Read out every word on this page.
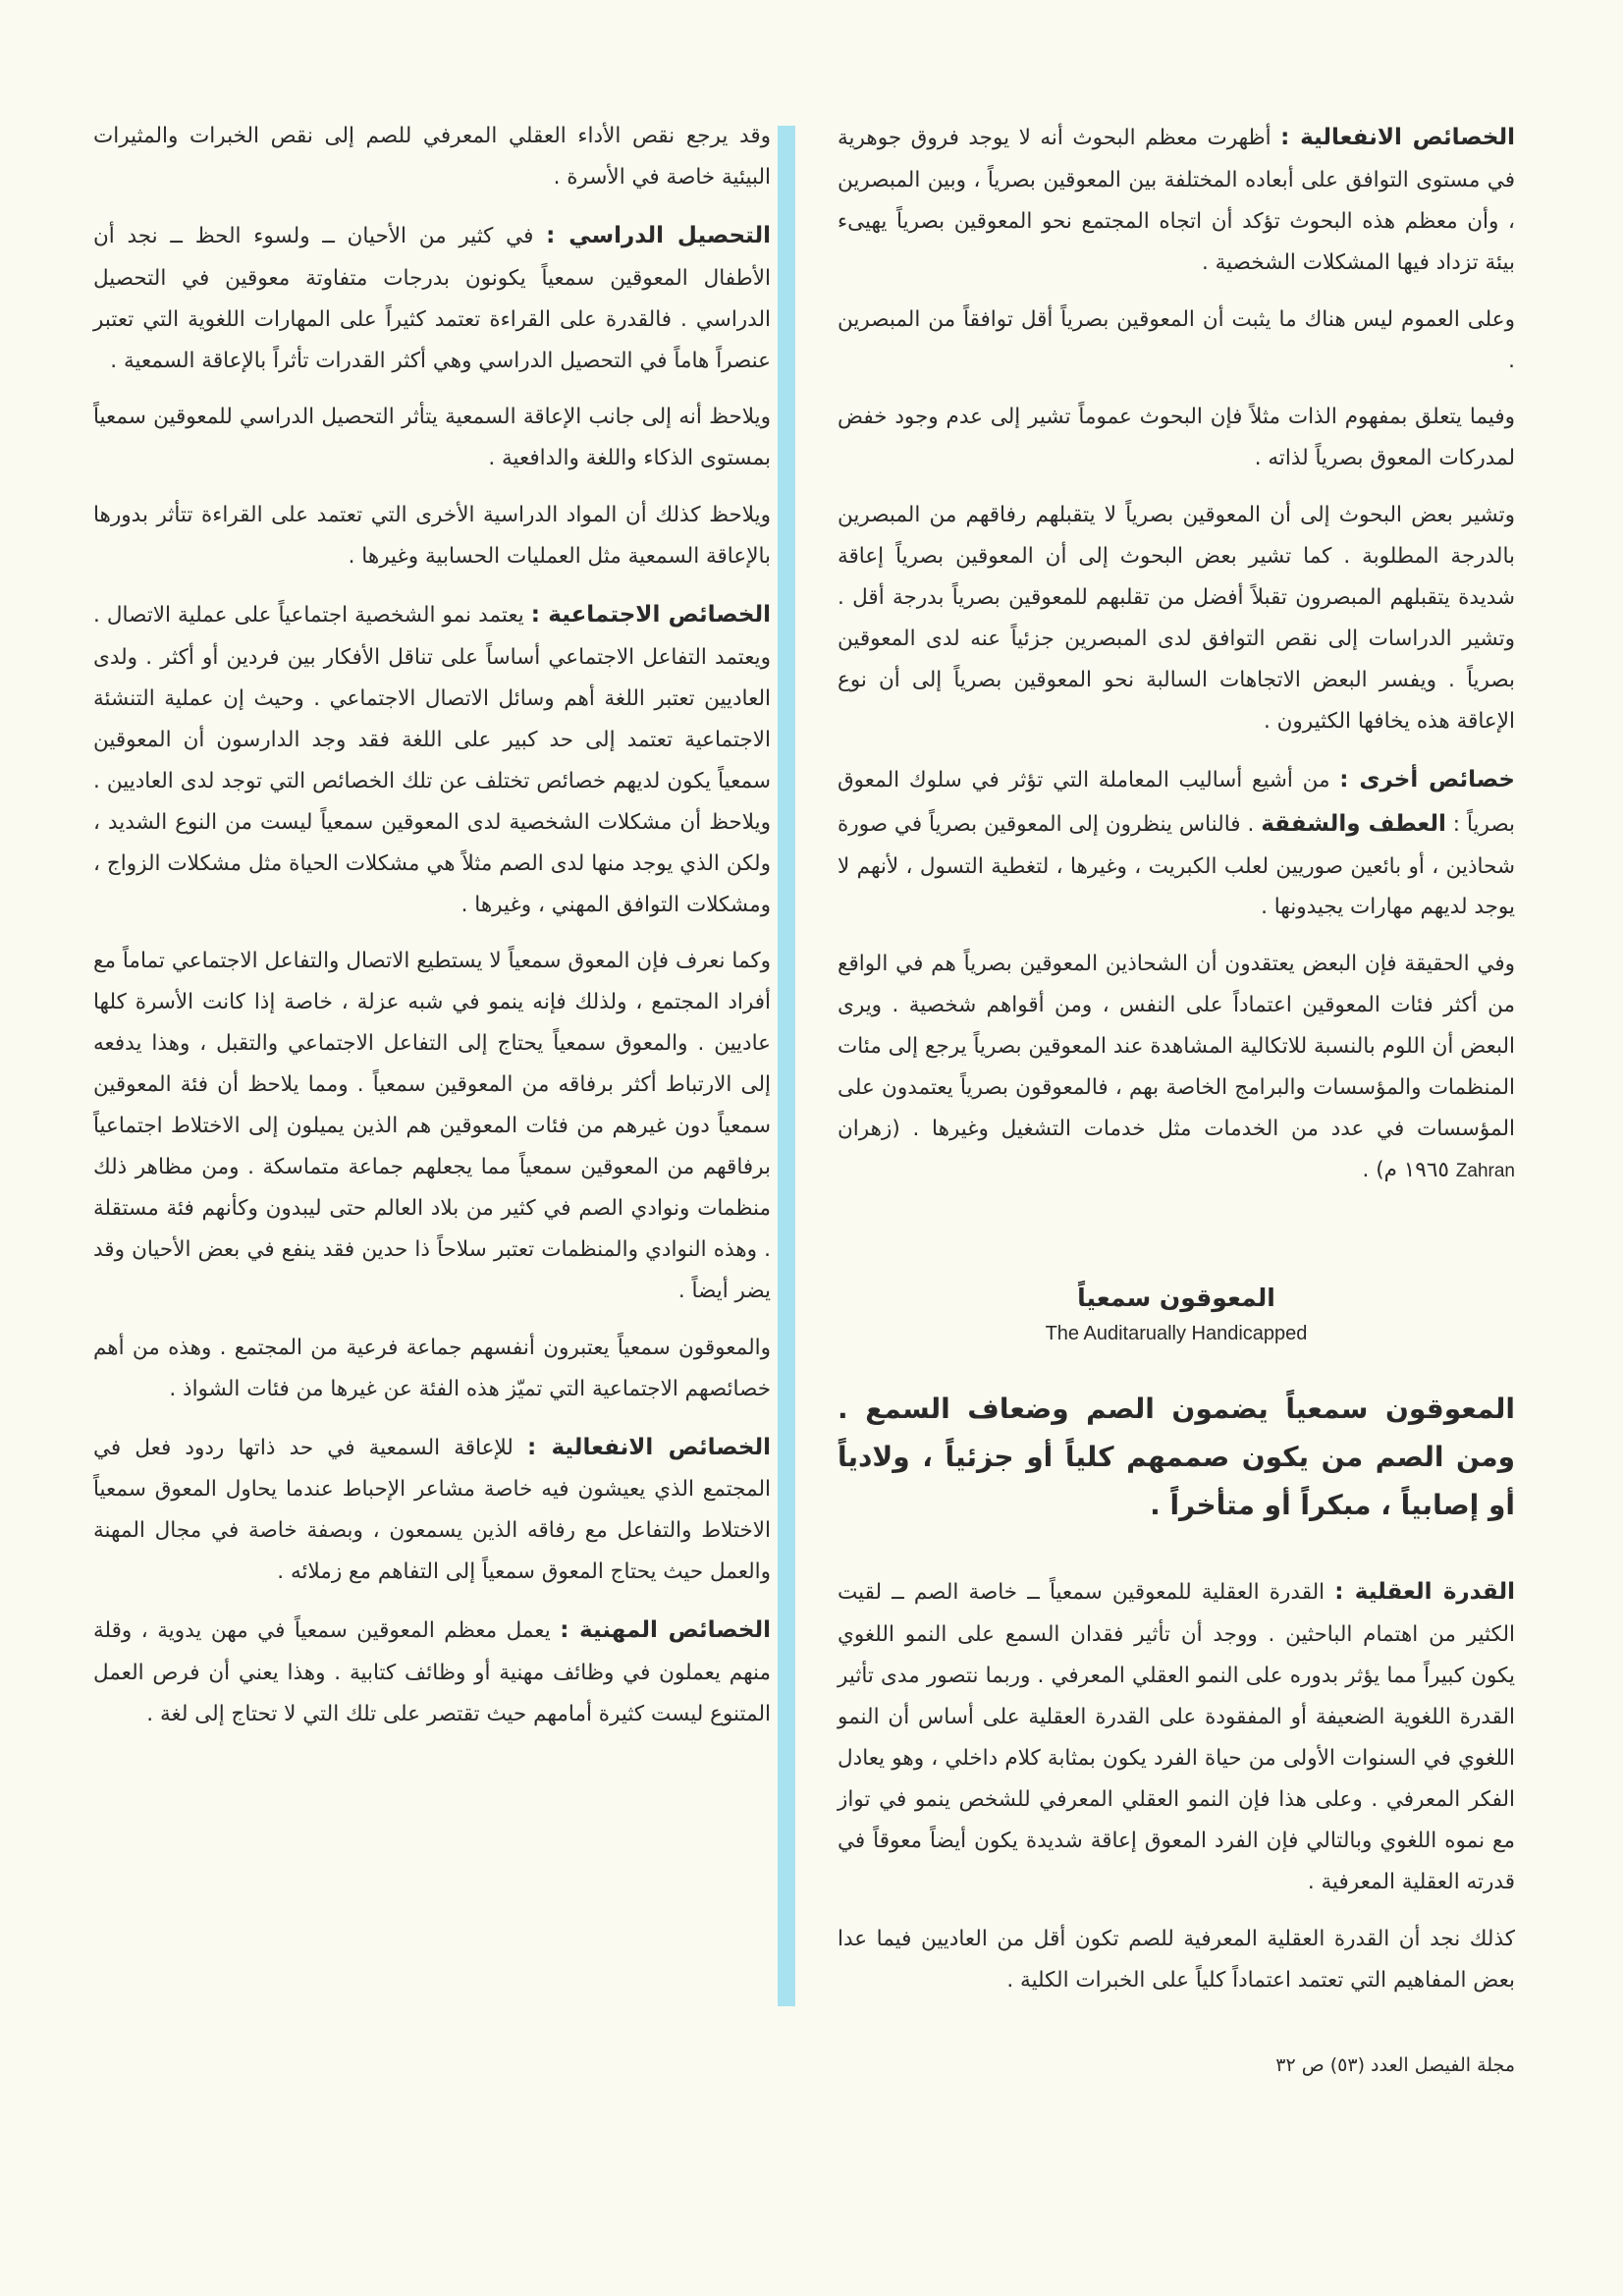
الخصائص الانفعالية : أظهرت معظم البحوث أنه لا يوجد فروق جوهرية في مستوى التوافق على أبعاده المختلفة بين المعوقين بصرياً ، وبين المبصرين ، وأن معظم هذه البحوث تؤكد أن اتجاه المجتمع نحو المعوقين بصرياً يهيىء بيئة تزداد فيها المشكلات الشخصية .

وعلى العموم ليس هناك ما يثبت أن المعوقين بصرياً أقل توافقاً من المبصرين .

وفيما يتعلق بمفهوم الذات مثلاً فإن البحوث عموماً تشير إلى عدم وجود خفض لمدركات المعوق بصرياً لذاته .

وتشير بعض البحوث إلى أن المعوقين بصرياً لا يتقبلهم رفاقهم من المبصرين بالدرجة المطلوبة . كما تشير بعض البحوث إلى أن المعوقين بصرياً إعاقة شديدة يتقبلهم المبصرون تقبلاً أفضل من تقلبهم للمعوقين بصرياً بدرجة أقل . وتشير الدراسات إلى نقص التوافق لدى المبصرين جزئياً عنه لدى المعوقين بصرياً . ويفسر البعض الاتجاهات السالبة نحو المعوقين بصرياً إلى أن نوع الإعاقة هذه يخافها الكثيرون .

خصائص أخرى : من أشيع أساليب المعاملة التي تؤثر في سلوك المعوق بصرياً : العطف والشفقة . فالناس ينظرون إلى المعوقين بصرياً في صورة شحاذين ، أو بائعين صوريين لعلب الكبريت ، وغيرها ، لتغطية التسول ، لأنهم لا يوجد لديهم مهارات يجيدونها .

وفي الحقيقة فإن البعض يعتقدون أن الشحاذين المعوقين بصرياً هم في الواقع من أكثر فئات المعوقين اعتماداً على النفس ، ومن أقواهم شخصية . ويرى البعض أن اللوم بالنسبة للاتكالية المشاهدة عند المعوقين بصرياً يرجع إلى مئات المنظمات والمؤسسات والبرامج الخاصة بهم ، فالمعوقون بصرياً يعتمدون على المؤسسات في عدد من الخدمات مثل خدمات التشغيل وغيرها . (زهران Zahran ١٩٦٥ م) .

المعوقون سمعياً
The Auditarually Handicapped

المعوقون سمعياً يضمون الصم وضعاف السمع . ومن الصم من يكون صممهم كلياً أو جزئياً ، ولادياً أو إصابياً ، مبكراً أو متأخراً .

القدرة العقلية : القدرة العقلية للمعوقين سمعياً ــ خاصة الصم ــ لقيت الكثير من اهتمام الباحثين . ووجد أن تأثير فقدان السمع على النمو اللغوي يكون كبيراً مما يؤثر بدوره على النمو العقلي المعرفي . وربما نتصور مدى تأثير القدرة اللغوية الضعيفة أو المفقودة على القدرة العقلية على أساس أن النمو اللغوي في السنوات الأولى من حياة الفرد يكون بمثابة كلام داخلي ، وهو يعادل الفكر المعرفي . وعلى هذا فإن النمو العقلي المعرفي للشخص ينمو في تواز مع نموه اللغوي وبالتالي فإن الفرد المعوق إعاقة شديدة يكون أيضاً معوقاً في قدرته العقلية المعرفية .

كذلك نجد أن القدرة العقلية المعرفية للصم تكون أقل من العاديين فيما عدا بعض المفاهيم التي تعتمد اعتماداً كلياً على الخبرات الكلية .

وقد يرجع نقص الأداء العقلي المعرفي للصم إلى نقص الخبرات والمثيرات البيئية خاصة في الأسرة .

التحصيل الدراسي : في كثير من الأحيان ــ ولسوء الحظ ــ نجد أن الأطفال المعوقين سمعياً يكونون بدرجات متفاوتة معوقين في التحصيل الدراسي . فالقدرة على القراءة تعتمد كثيراً على المهارات اللغوية التي تعتبر عنصراً هاماً في التحصيل الدراسي وهي أكثر القدرات تأثراً بالإعاقة السمعية .

ويلاحظ أنه إلى جانب الإعاقة السمعية يتأثر التحصيل الدراسي للمعوقين سمعياً بمستوى الذكاء واللغة والدافعية .

ويلاحظ كذلك أن المواد الدراسية الأخرى التي تعتمد على القراءة تتأثر بدورها بالإعاقة السمعية مثل العمليات الحسابية وغيرها .

الخصائص الاجتماعية : يعتمد نمو الشخصية اجتماعياً على عملية الاتصال . ويعتمد التفاعل الاجتماعي أساساً على تناقل الأفكار بين فردين أو أكثر . ولدى العاديين تعتبر اللغة أهم وسائل الاتصال الاجتماعي . وحيث إن عملية التنشئة الاجتماعية تعتمد إلى حد كبير على اللغة فقد وجد الدارسون أن المعوقين سمعياً يكون لديهم خصائص تختلف عن تلك الخصائص التي توجد لدى العاديين . ويلاحظ أن مشكلات الشخصية لدى المعوقين سمعياً ليست من النوع الشديد ، ولكن الذي يوجد منها لدى الصم مثلاً هي مشكلات الحياة مثل مشكلات الزواج ، ومشكلات التوافق المهني ، وغيرها .

وكما نعرف فإن المعوق سمعياً لا يستطيع الاتصال والتفاعل الاجتماعي تماماً مع أفراد المجتمع ، ولذلك فإنه ينمو في شبه عزلة ، خاصة إذا كانت الأسرة كلها عاديين . والمعوق سمعياً يحتاج إلى التفاعل الاجتماعي والتقبل ، وهذا يدفعه إلى الارتباط أكثر برفاقه من المعوقين سمعياً . ومما يلاحظ أن فئة المعوقين سمعياً دون غيرهم من فئات المعوقين هم الذين يميلون إلى الاختلاط اجتماعياً برفاقهم من المعوقين سمعياً مما يجعلهم جماعة متماسكة . ومن مظاهر ذلك منظمات ونوادي الصم في كثير من بلاد العالم حتى ليبدون وكأنهم فئة مستقلة . وهذه النوادي والمنظمات تعتبر سلاحاً ذا حدين فقد ينفع في بعض الأحيان وقد يضر أيضاً .

والمعوقون سمعياً يعتبرون أنفسهم جماعة فرعية من المجتمع . وهذه من أهم خصائصهم الاجتماعية التي تميّز هذه الفئة عن غيرها من فئات الشواذ .

الخصائص الانفعالية : للإعاقة السمعية في حد ذاتها ردود فعل في المجتمع الذي يعيشون فيه خاصة مشاعر الإحباط عندما يحاول المعوق سمعياً الاختلاط والتفاعل مع رفاقه الذين يسمعون ، وبصفة خاصة في مجال المهنة والعمل حيث يحتاج المعوق سمعياً إلى التفاهم مع زملائه .

الخصائص المهنية : يعمل معظم المعوقين سمعياً في مهن يدوية ، وقلة منهم يعملون في وظائف مهنية أو وظائف كتابية . وهذا يعني أن فرص العمل المتنوع ليست كثيرة أمامهم حيث تقتصر على تلك التي لا تحتاج إلى لغة .

مجلة الفيصل العدد (٥٣) ص ٣٢
